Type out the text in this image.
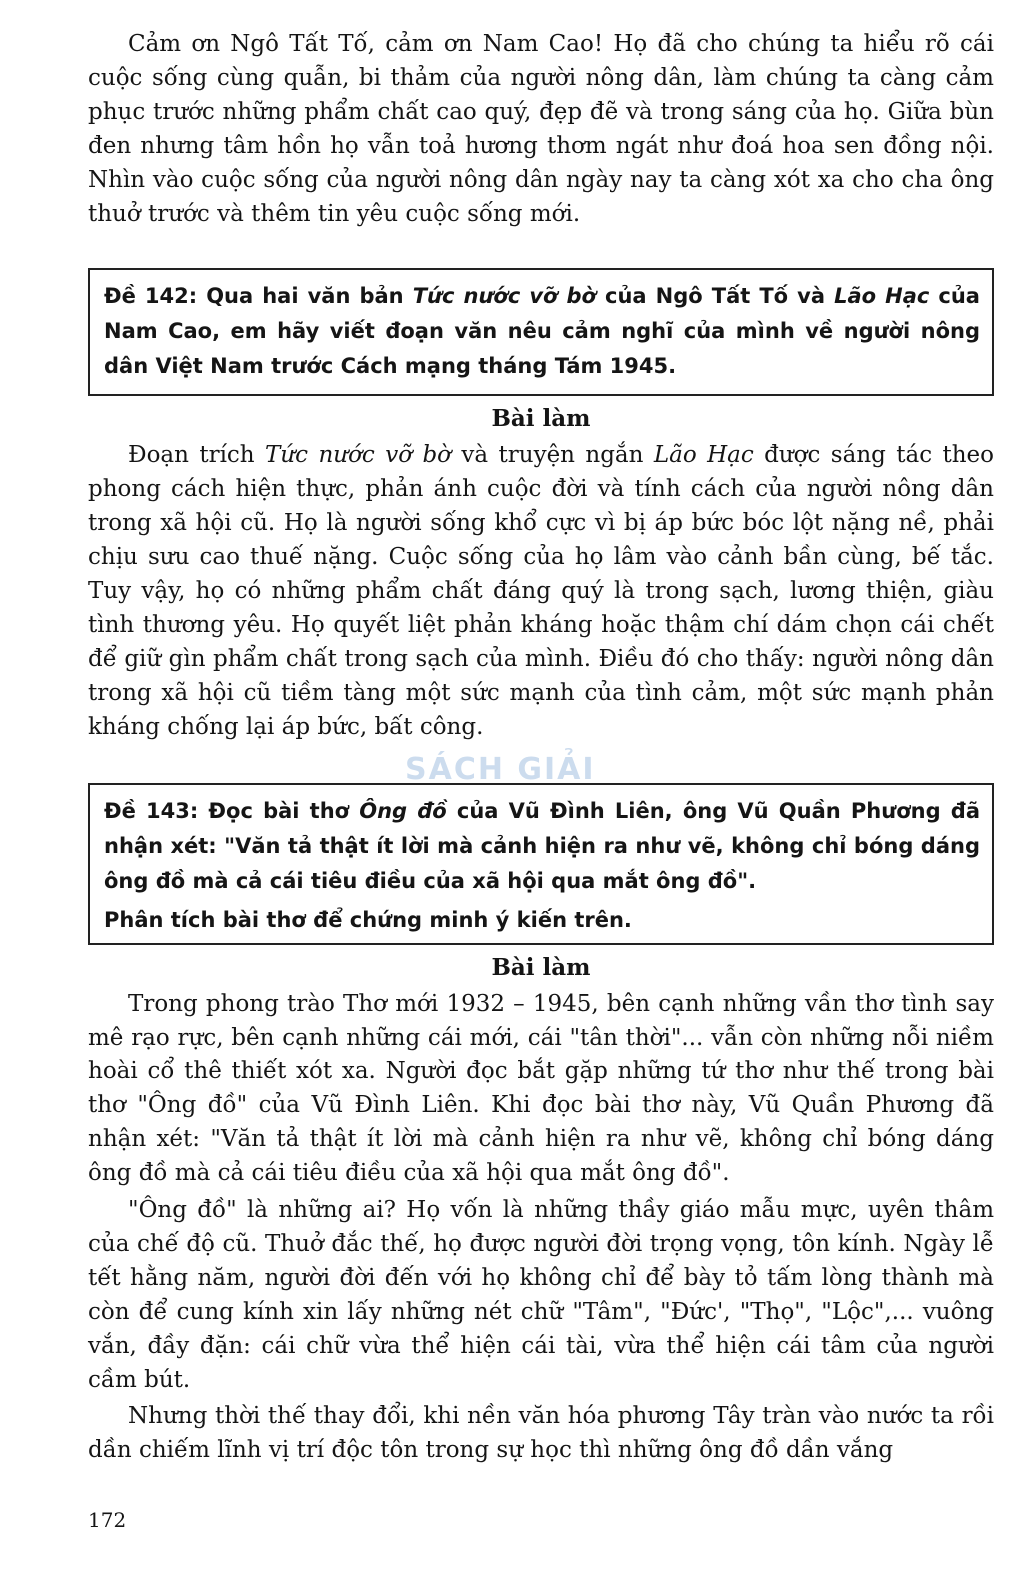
Cảm ơn Ngô Tất Tố, cảm ơn Nam Cao! Họ đã cho chúng ta hiểu rõ cái cuộc sống cùng quẫn, bi thảm của người nông dân, làm chúng ta càng cảm phục trước những phẩm chất cao quý, đẹp đẽ và trong sáng của họ. Giữa bùn đen nhưng tâm hồn họ vẫn toả hương thơm ngát như đoá hoa sen đồng nội. Nhìn vào cuộc sống của người nông dân ngày nay ta càng xót xa cho cha ông thuở trước và thêm tin yêu cuộc sống mới.

Đề 142: Qua hai văn bản Tức nước vỡ bờ của Ngô Tất Tố và Lão Hạc của Nam Cao, em hãy viết đoạn văn nêu cảm nghĩ của mình về người nông dân Việt Nam trước Cách mạng tháng Tám 1945.

Bài làm

Đoạn trích Tức nước vỡ bờ và truyện ngắn Lão Hạc được sáng tác theo phong cách hiện thực, phản ánh cuộc đời và tính cách của người nông dân trong xã hội cũ. Họ là người sống khổ cực vì bị áp bức bóc lột nặng nề, phải chịu sưu cao thuế nặng. Cuộc sống của họ lâm vào cảnh bần cùng, bế tắc. Tuy vậy, họ có những phẩm chất đáng quý là trong sạch, lương thiện, giàu tình thương yêu. Họ quyết liệt phản kháng hoặc thậm chí dám chọn cái chết để giữ gìn phẩm chất trong sạch của mình. Điều đó cho thấy: người nông dân trong xã hội cũ tiềm tàng một sức mạnh của tình cảm, một sức mạnh phản kháng chống lại áp bức, bất công.

Đề 143: Đọc bài thơ Ông đồ của Vũ Đình Liên, ông Vũ Quần Phương đã nhận xét: "Văn tả thật ít lời mà cảnh hiện ra như vẽ, không chỉ bóng dáng ông đồ mà cả cái tiêu điều của xã hội qua mắt ông đồ".

Phân tích bài thơ để chứng minh ý kiến trên.

Bài làm

Trong phong trào Thơ mới 1932 – 1945, bên cạnh những vần thơ tình say mê rạo rực, bên cạnh những cái mới, cái "tân thời"... vẫn còn những nỗi niềm hoài cổ thê thiết xót xa. Người đọc bắt gặp những tứ thơ như thế trong bài thơ "Ông đồ" của Vũ Đình Liên. Khi đọc bài thơ này, Vũ Quần Phương đã nhận xét: "Văn tả thật ít lời mà cảnh hiện ra như vẽ, không chỉ bóng dáng ông đồ mà cả cái tiêu điều của xã hội qua mắt ông đồ".

"Ông đồ" là những ai? Họ vốn là những thầy giáo mẫu mực, uyên thâm của chế độ cũ. Thuở đắc thế, họ được người đời trọng vọng, tôn kính. Ngày lễ tết hằng năm, người đời đến với họ không chỉ để bày tỏ tấm lòng thành mà còn để cung kính xin lấy những nét chữ "Tâm", "Đức', "Thọ", "Lộc",... vuông vắn, đầy đặn: cái chữ vừa thể hiện cái tài, vừa thể hiện cái tâm của người cầm bút.

Nhưng thời thế thay đổi, khi nền văn hóa phương Tây tràn vào nước ta rồi dần chiếm lĩnh vị trí độc tôn trong sự học thì những ông đồ dần vắng

SÁCH GIẢI
172
